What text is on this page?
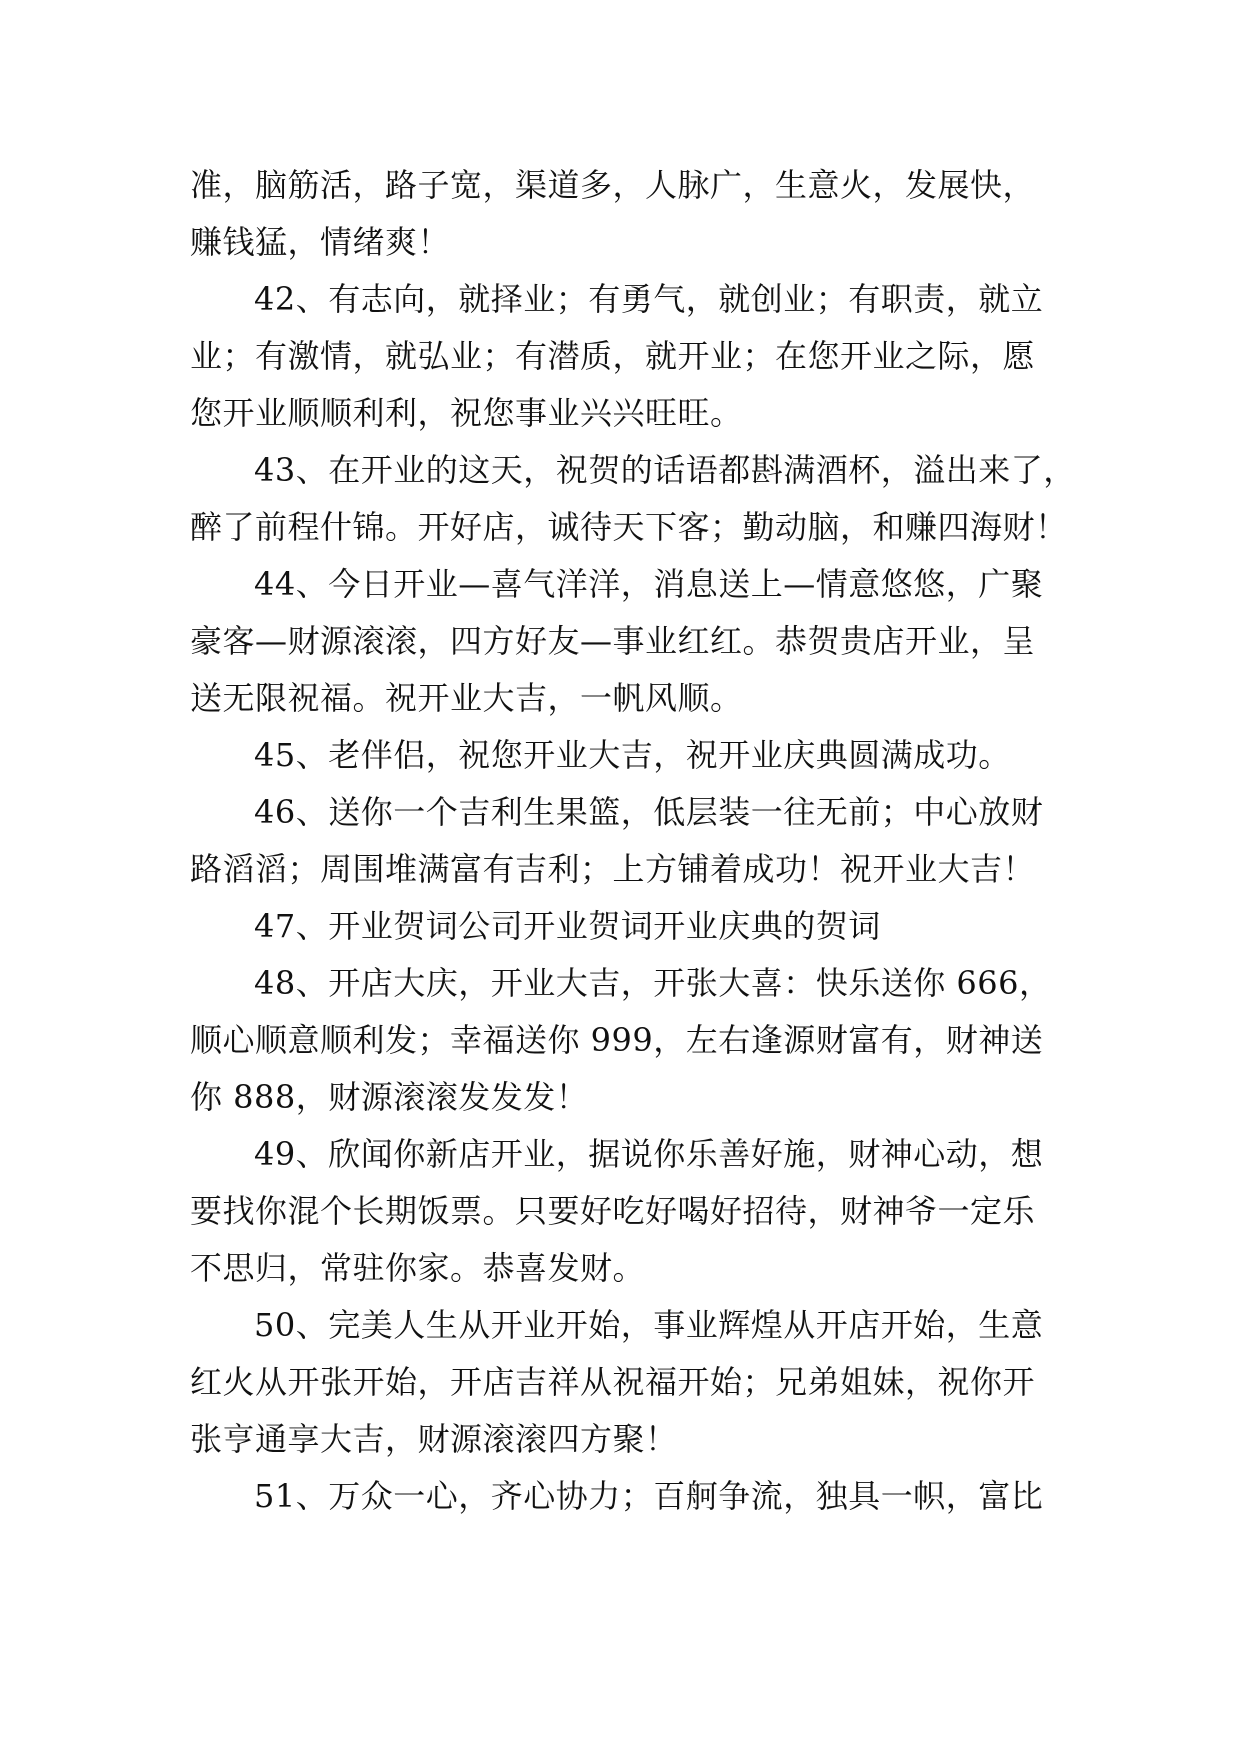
准，脑筋活，路子宽，渠道多，人脉广，生意火，发展快，
赚钱猛，情绪爽！
42、有志向，就择业；有勇气，就创业；有职责，就立
业；有激情，就弘业；有潜质，就开业；在您开业之际，愿
您开业顺顺利利，祝您事业兴兴旺旺。
43、在开业的这天，祝贺的话语都斟满酒杯，溢出来了，
醉了前程什锦。开好店，诚待天下客；勤动脑，和赚四海财！
44、今日开业—喜气洋洋，消息送上—情意悠悠，广聚
豪客—财源滚滚，四方好友—事业红红。恭贺贵店开业，呈
送无限祝福。祝开业大吉，一帆风顺。
45、老伴侣，祝您开业大吉，祝开业庆典圆满成功。
46、送你一个吉利生果篮，低层装一往无前；中心放财
路滔滔；周围堆满富有吉利；上方铺着成功！祝开业大吉！
47、开业贺词公司开业贺词开业庆典的贺词
48、开店大庆，开业大吉，开张大喜：快乐送你 666，
顺心顺意顺利发；幸福送你 999，左右逢源财富有，财神送
你 888，财源滚滚发发发！
49、欣闻你新店开业，据说你乐善好施，财神心动，想
要找你混个长期饭票。只要好吃好喝好招待，财神爷一定乐
不思归，常驻你家。恭喜发财。
50、完美人生从开业开始，事业辉煌从开店开始，生意
红火从开张开始，开店吉祥从祝福开始；兄弟姐妹，祝你开
张亨通享大吉，财源滚滚四方聚！
51、万众一心，齐心协力；百舸争流，独具一帜，富比
